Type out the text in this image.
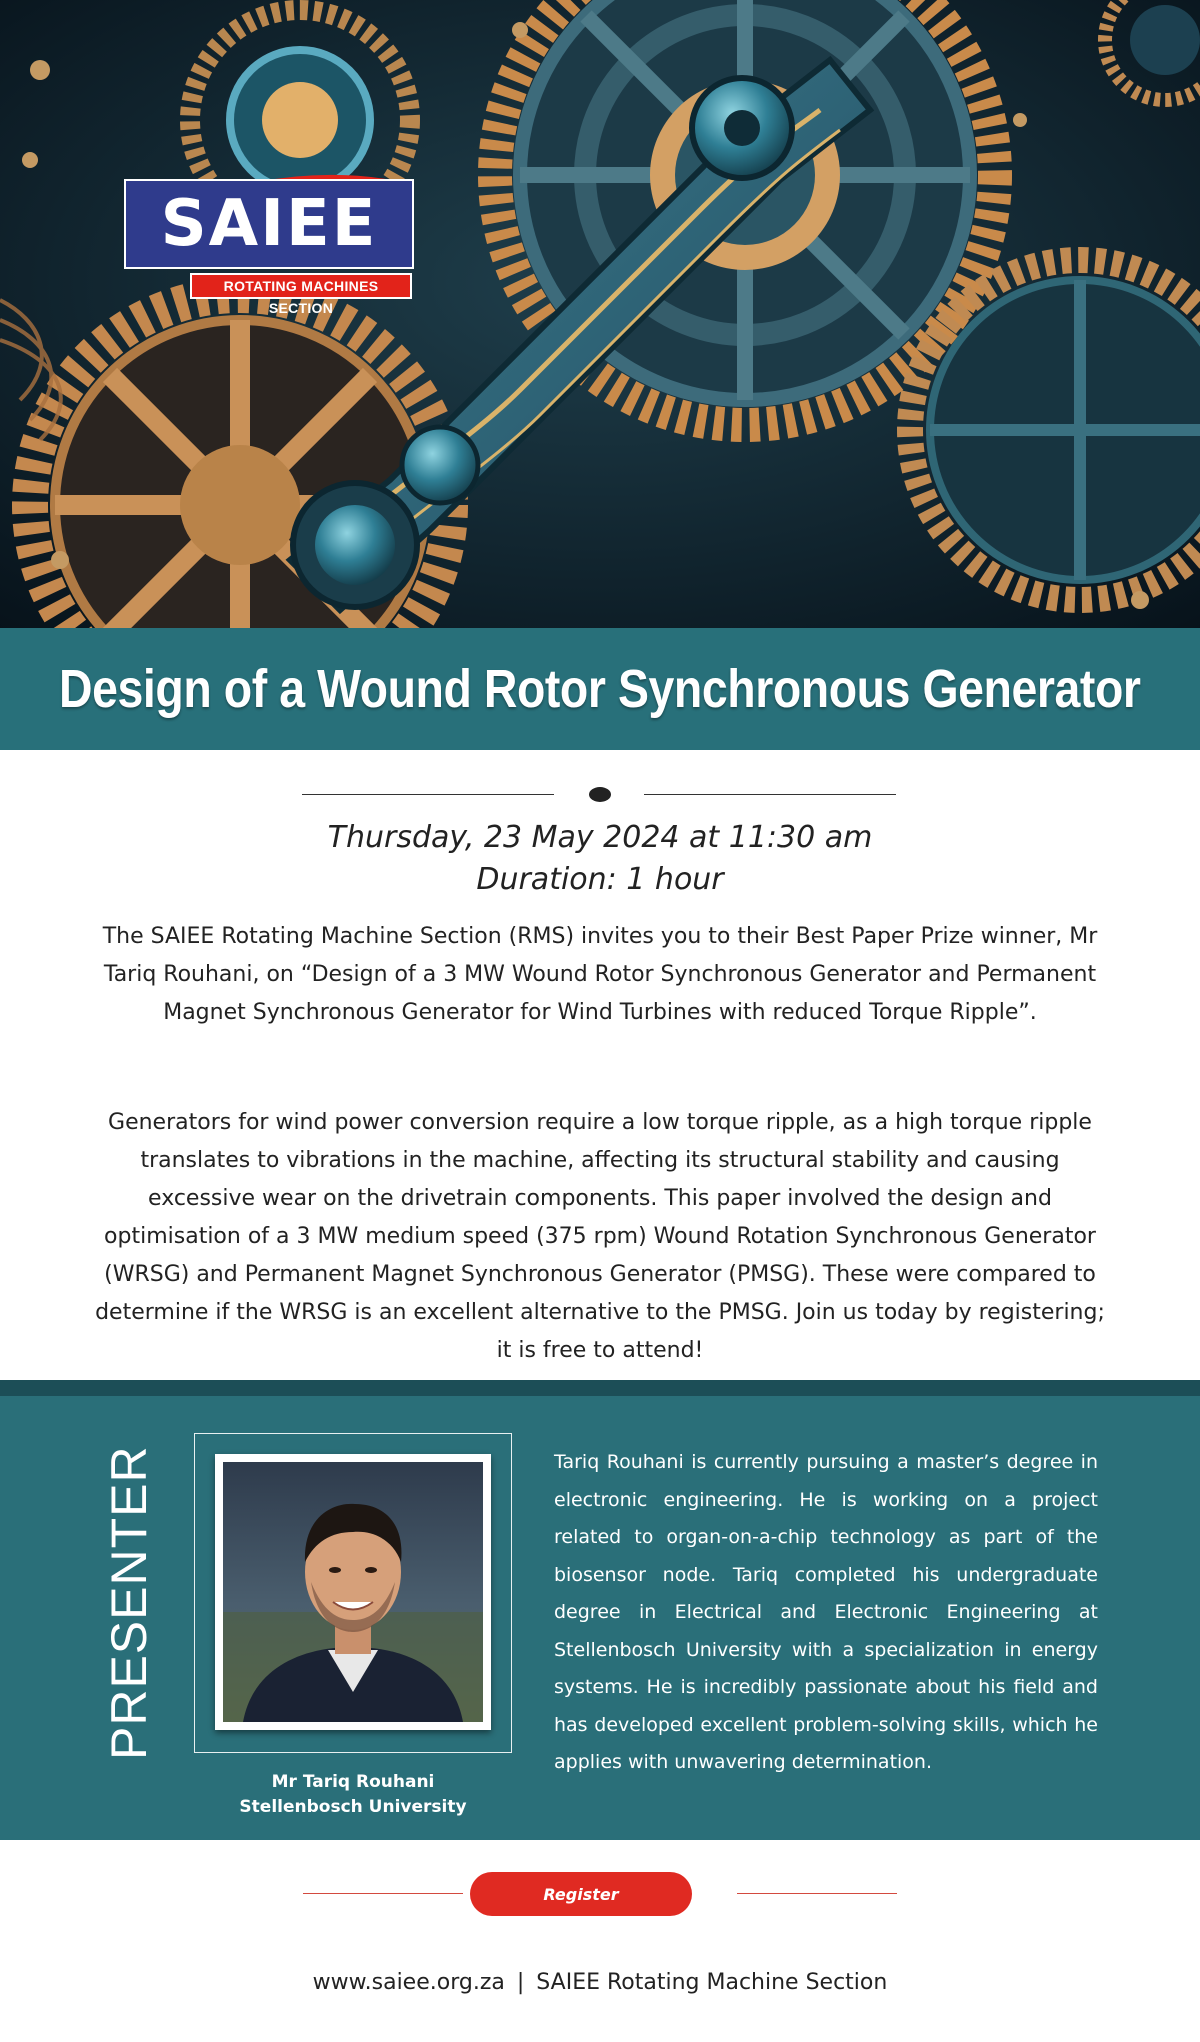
SAIEE
ROTATING MACHINES SECTION
Design of a Wound Rotor Synchronous Generator
Thursday, 23 May 2024 at 11:30 am
Duration: 1 hour

The SAIEE Rotating Machine Section (RMS) invites you to their Best Paper Prize winner, Mr Tariq Rouhani, on “Design of a 3 MW Wound Rotor Synchronous Generator and Permanent Magnet Synchronous Generator for Wind Turbines with reduced Torque Ripple”.

Generators for wind power conversion require a low torque ripple, as a high torque ripple translates to vibrations in the machine, affecting its structural stability and causing excessive wear on the drivetrain components. This paper involved the design and optimisation of a 3 MW medium speed (375 rpm) Wound Rotation Synchronous Generator (WRSG) and Permanent Magnet Synchronous Generator (PMSG). These were compared to determine if the WRSG is an excellent alternative to the PMSG. Join us today by registering; it is free to attend!

PRESENTER
Mr Tariq Rouhani
Stellenbosch University

Tariq Rouhani is currently pursuing a master’s degree in electronic engineering. He is working on a project related to organ-on-a-chip technology as part of the biosensor node. Tariq completed his undergraduate degree in Electrical and Electronic Engineering at Stellenbosch University with a specialization in energy systems. He is incredibly passionate about his field and has developed excellent problem-solving skills, which he applies with unwavering determination.

Register
www.saiee.org.za | SAIEE Rotating Machine Section
